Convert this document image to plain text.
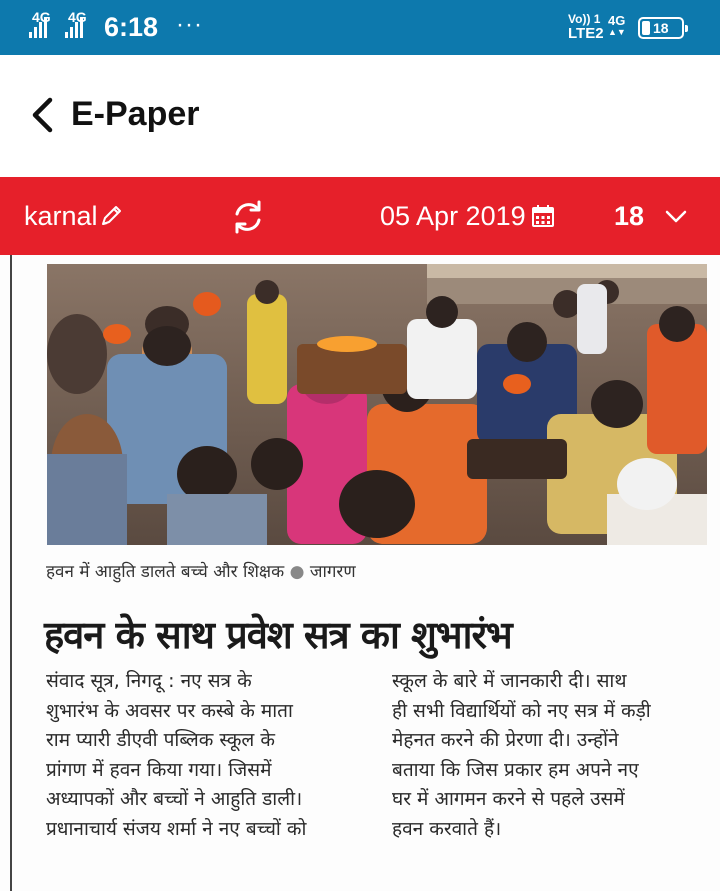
4G 4G 6:18 ···	Vo)) 1
LTE2
4G
▲▼ 18
E-Paper
karnal	05 Apr 2019	18
हवन में आहुति डालते बच्चे और शिक्षक ● जागरण
हवन के साथ प्रवेश सत्र का शुभारंभ

संवाद सूत्र, निगदू : नए सत्र के

शुभारंभ के अवसर पर कस्बे के माता

राम प्यारी डीएवी पब्लिक स्कूल के

प्रांगण में हवन किया गया। जिसमें

अध्यापकों और बच्चों ने आहुति डाली।

प्रधानाचार्य संजय शर्मा ने नए बच्चों को

स्कूल के बारे में जानकारी दी। साथ

ही सभी विद्यार्थियों को नए सत्र में कड़ी

मेहनत करने की प्रेरणा दी। उन्होंने

बताया कि जिस प्रकार हम अपने नए

घर में आगमन करने से पहले उसमें

हवन करवाते हैं।
